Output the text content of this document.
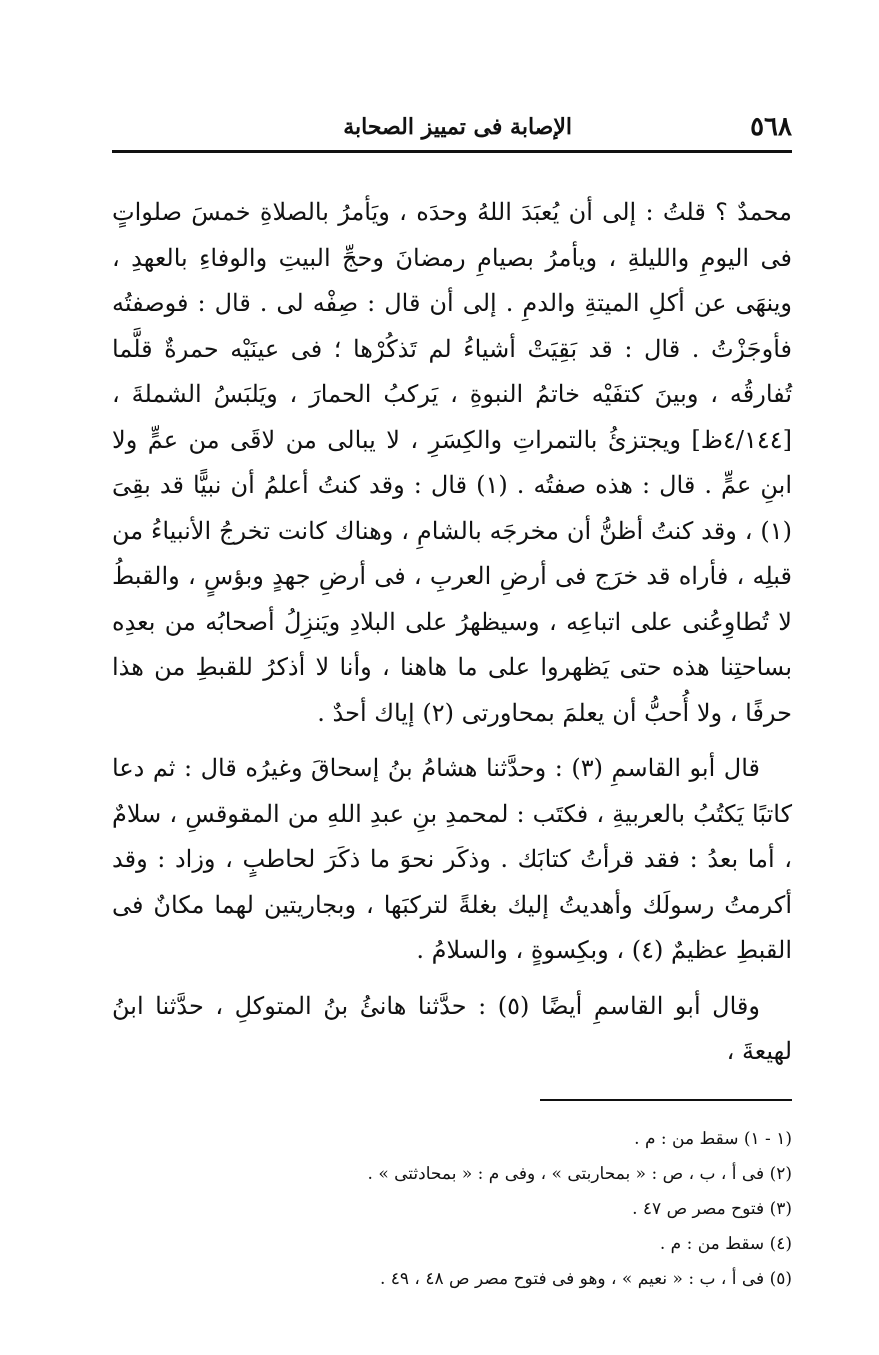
٥٦٨
الإصابة فى تمييز الصحابة

محمدٌ ؟ قلتُ : إلى أن يُعبَدَ اللهُ وحدَه ، ويَأمرُ بالصلاةِ خمسَ صلواتٍ فى اليومِ والليلةِ ، ويأمرُ بصيامِ رمضانَ وحجِّ البيتِ والوفاءِ بالعهدِ ، وينهَى عن أكلِ الميتةِ والدمِ . إلى أن قال : صِفْه لى . قال : فوصفتُه فأوجَزْتُ . قال : قد بَقِيَتْ أشياءُ لم تَذكُرْها ؛ فى عينَيْه حمرةٌ قلَّما تُفارقُه ، وبينَ كتفَيْه خاتمُ النبوةِ ، يَركبُ الحمارَ ، ويَلبَسُ الشملةَ ، [٤/١٤٤ظ] ويجتزئُ بالتمراتِ والكِسَرِ ، لا يبالى من لاقَى من عمٍّ ولا ابنِ عمٍّ . قال : هذه صفتُه . (١) قال : وقد كنتُ أعلمُ أن نبيًّا قد بقِىَ (١) ، وقد كنتُ أظنُّ أن مخرجَه بالشامِ ، وهناك كانت تخرجُ الأنبياءُ من قبلِه ، فأراه قد خرَج فى أرضِ العربِ ، فى أرضِ جهدٍ وبؤسٍ ، والقبطُ لا تُطاوِعُنى على اتباعِه ، وسيظهرُ على البلادِ ويَنزِلُ أصحابُه من بعدِه بساحتِنا هذه حتى يَظهروا على ما هاهنا ، وأنا لا أذكرُ للقبطِ من هذا حرفًا ، ولا أُحبُّ أن يعلمَ بمحاورتى (٢) إياك أحدٌ .

قال أبو القاسمِ (٣) : وحدَّثنا هشامُ بنُ إسحاقَ وغيرُه قال : ثم دعا كاتبًا يَكتُبُ بالعربيةِ ، فكتَب : لمحمدِ بنِ عبدِ اللهِ من المقوقسِ ، سلامٌ ، أما بعدُ : فقد قرأتُ كتابَك . وذكَر نحوَ ما ذكَرَ لحاطبٍ ، وزاد : وقد أكرمتُ رسولَك وأهديتُ إليك بغلةً لتركبَها ، وبجاريتين لهما مكانٌ فى القبطِ عظيمٌ (٤) ، وبكِسوةٍ ، والسلامُ .

وقال أبو القاسمِ أيضًا (٥) : حدَّثنا هانئُ بنُ المتوكلِ ، حدَّثنا ابنُ لهيعةَ ،

(١ - ١) سقط من : م .

(٢) فى أ ، ب ، ص : « بمحاربتى » ، وفى م : « بمحادثتى » .

(٣) فتوح مصر ص ٤٧ .

(٤) سقط من : م .

(٥) فى أ ، ب : « نعيم » ، وهو فى فتوح مصر ص ٤٨ ، ٤٩ .
